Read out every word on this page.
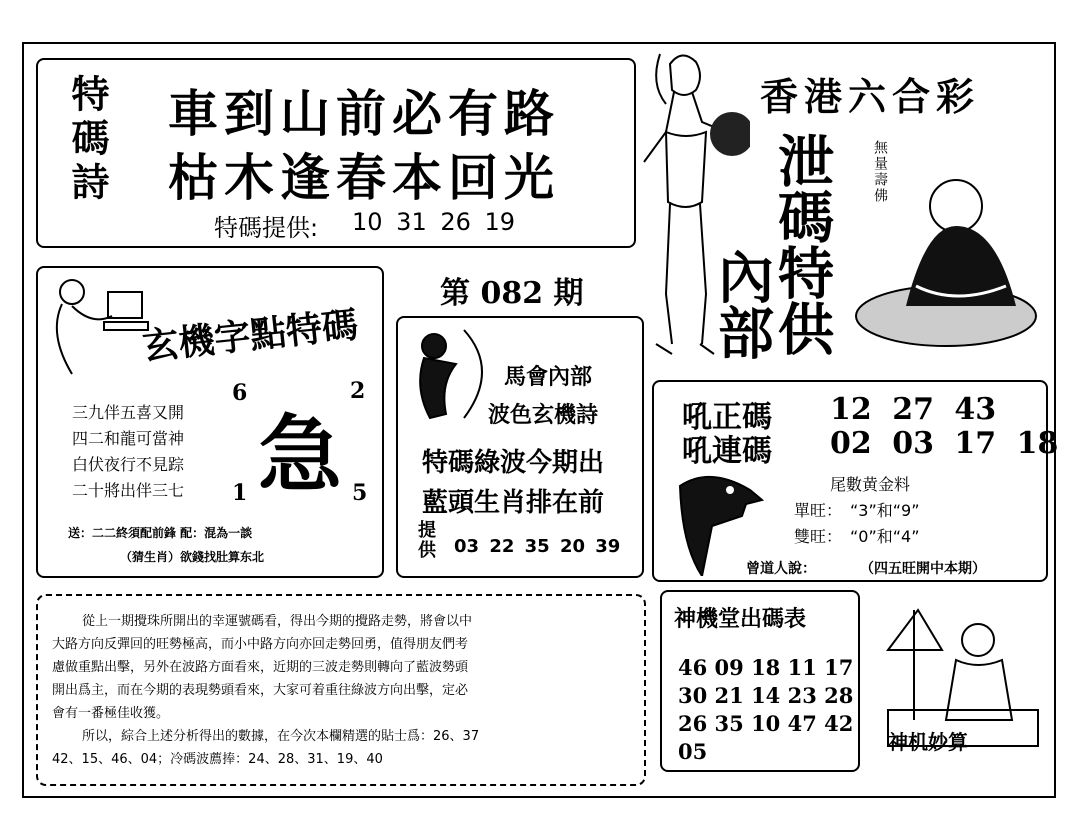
特碼詩 車到山前必有路
枯木逢春本回光
特碼提供: 10 31 26 19
第 082 期
香港六合彩
泄碼特供
內部
無量壽佛
玄機字點特碼
三九伴五喜又開
四二和龍可當神
白伏夜行不見踪
二十將出伴三七
6	2
1	5
急
送：二二終須配前鋒 配：混為一談
（猜生肖）欲錢找肚算东北
馬會內部
波色玄機詩
特碼綠波今期出
藍頭生肖排在前
提供 03 22 35 20 39
吼正碼 12 27 43
吼連碼 02 03 17 18
尾數黄金料
單旺： “3”和“9”
雙旺： “0”和“4”
曾道人說：	（四五旺開中本期）
從上一期攪珠所開出的幸運號碼看，得出今期的攪路走勢，將會以中
大路方向反彈回的旺勢極高，而小中路方向亦回走勢回勇，值得朋友們考
慮做重點出擊，另外在波路方面看來，近期的三波走勢則轉向了藍波勢頭
開出爲主，而在今期的表現勢頭看來，大家可着重往綠波方向出擊，定必
會有一番極佳收獲。
所以，綜合上述分析得出的數據，在今次本欄精選的貼士爲：26、37
42、15、46、04；冷碼波薦捧：24、28、31、19、40
神機堂出碼表
46 09 18 11 17
30 21 14 23 28
26 35 10 47 42
05	神机妙算
